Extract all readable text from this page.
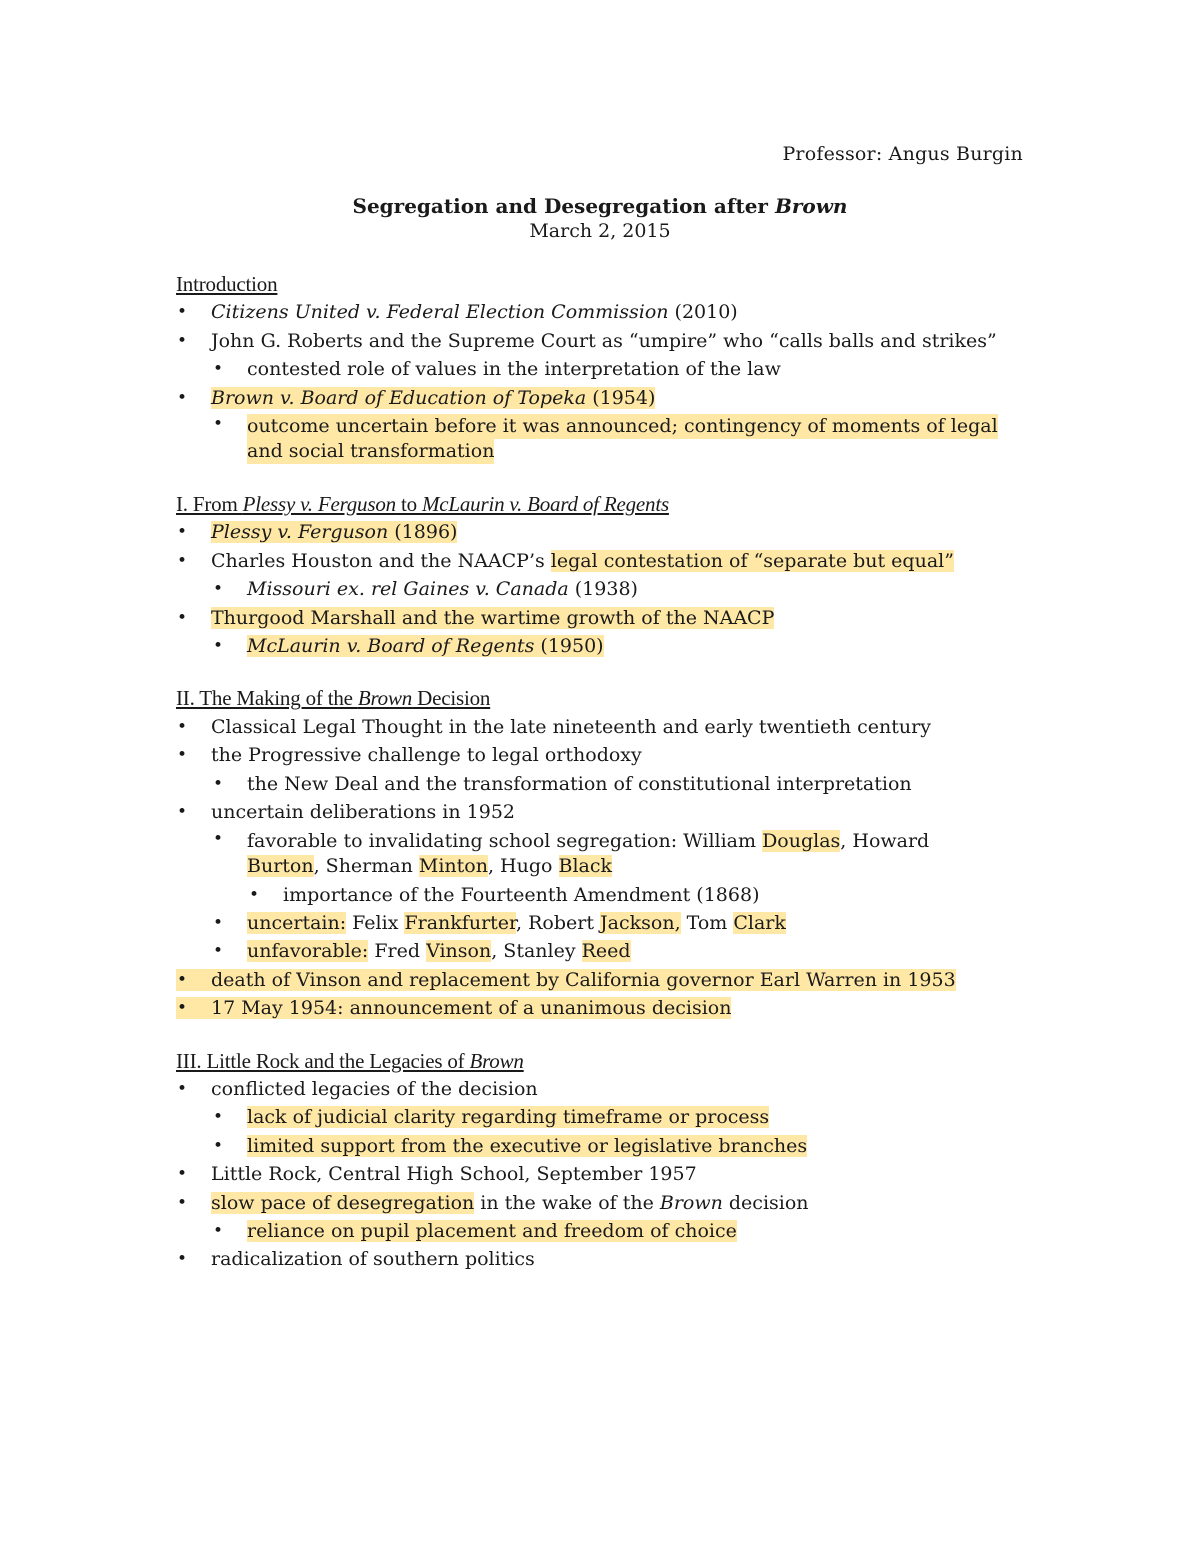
Professor: Angus Burgin
Segregation and Desegregation after Brown
March 2, 2015
Introduction
• Citizens United v. Federal Election Commission (2010)
• John G. Roberts and the Supreme Court as “umpire” who “calls balls and strikes”
• contested role of values in the interpretation of the law
• Brown v. Board of Education of Topeka (1954)
• outcome uncertain before it was announced; contingency of moments of legal
and social transformation
I. From Plessy v. Ferguson to McLaurin v. Board of Regents
• Plessy v. Ferguson (1896)
• Charles Houston and the NAACP’s legal contestation of “separate but equal”
• Missouri ex. rel Gaines v. Canada (1938)
• Thurgood Marshall and the wartime growth of the NAACP
• McLaurin v. Board of Regents (1950)
II. The Making of the Brown Decision
• Classical Legal Thought in the late nineteenth and early twentieth century
• the Progressive challenge to legal orthodoxy
• the New Deal and the transformation of constitutional interpretation
• uncertain deliberations in 1952
• favorable to invalidating school segregation: William Douglas, Howard
Burton, Sherman Minton, Hugo Black
• importance of the Fourteenth Amendment (1868)
• uncertain: Felix Frankfurter, Robert Jackson, Tom Clark
• unfavorable: Fred Vinson, Stanley Reed
• death of Vinson and replacement by California governor Earl Warren in 1953
• 17 May 1954: announcement of a unanimous decision
III. Little Rock and the Legacies of Brown
• conflicted legacies of the decision
• lack of judicial clarity regarding timeframe or process
• limited support from the executive or legislative branches
• Little Rock, Central High School, September 1957
• slow pace of desegregation in the wake of the Brown decision
• reliance on pupil placement and freedom of choice
• radicalization of southern politics
